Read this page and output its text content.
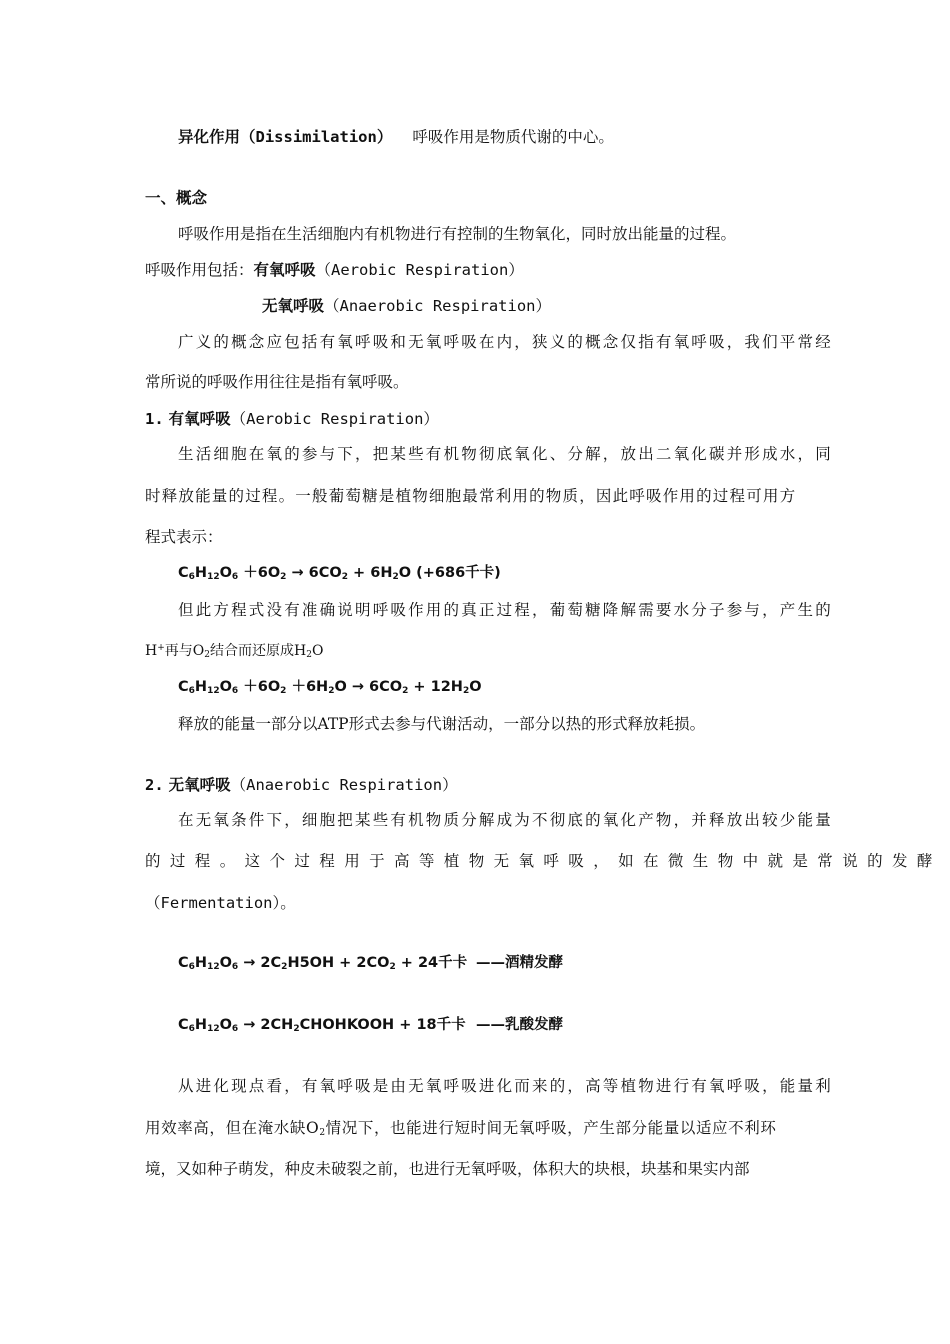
异化作用（Dissimilation） 呼吸作用是物质代谢的中心。
一、概念
呼吸作用是指在生活细胞内有机物进行有控制的生物氧化，同时放出能量的过程。
呼吸作用包括：有氧呼吸（Aerobic Respiration）
无氧呼吸（Anaerobic Respiration）
广义的概念应包括有氧呼吸和无氧呼吸在内，狭义的概念仅指有氧呼吸，我们平常经
常所说的呼吸作用往往是指有氧呼吸。
1. 有氧呼吸（Aerobic Respiration）
生活细胞在氧的参与下，把某些有机物彻底氧化、分解，放出二氧化碳并形成水，同
时释放能量的过程。一般葡萄糖是植物细胞最常利用的物质，因此呼吸作用的过程可用方
程式表示：
$C_6H_{12}O_6 +6O_2 \to 6CO_2 + 6H_2O$ (+686千卡)
但此方程式没有准确说明呼吸作用的真正过程，葡萄糖降解需要水分子参与，产生的
H+再与$O_2$结合而还原成$H_2O$
$C_6H_{12}O_6 +6O_2 +6H_2O \to 6CO_2 + 12H_2O$
释放的能量一部分以ATP形式去参与代谢活动，一部分以热的形式释放耗损。
2. 无氧呼吸（Anaerobic Respiration）
在无氧条件下，细胞把某些有机物质分解成为不彻底的氧化产物，并释放出较少能量
的过程。这个过程用于高等植物无氧呼吸，如在微生物中就是常说的发酵
（Fermentation）。
$C_6H_{12}O_6 \to 2C_2H5OH + 2CO_2 + 24$千卡 ——酒精发酵
$C_6H_{12}O_6$ → $2CH_2CHOHKOOH + 18$千卡 ——乳酸发酵
从进化现点看，有氧呼吸是由无氧呼吸进化而来的，高等植物进行有氧呼吸，能量利
用效率高，但在淹水缺$O_2$情况下，也能进行短时间无氧呼吸，产生部分能量以适应不利环
境，又如种子萌发，种皮未破裂之前，也进行无氧呼吸，体积大的块根，块基和果实内部
